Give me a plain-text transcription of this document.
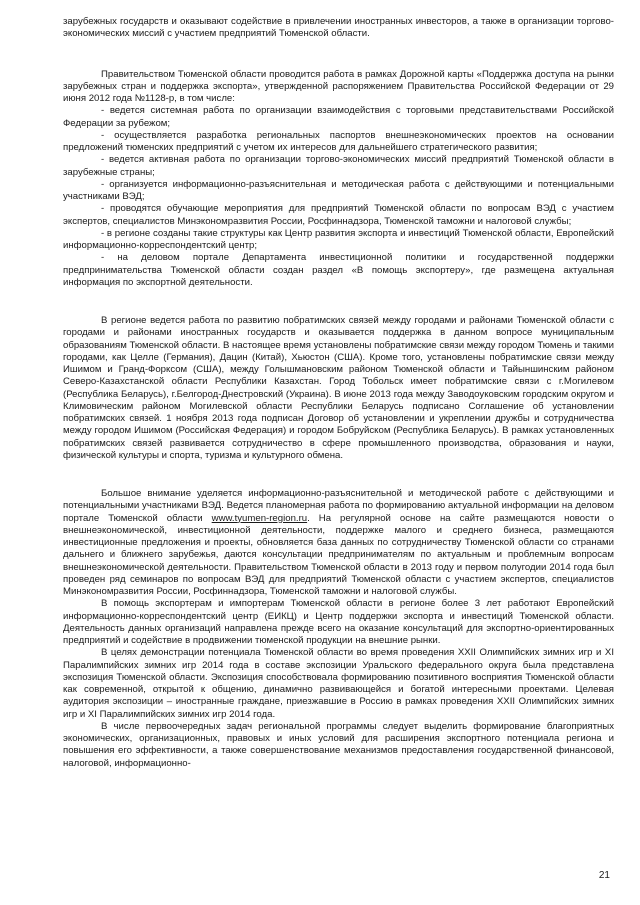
зарубежных государств и оказывают содействие в привлечении иностранных инвесторов, а также в организации торгово-экономических миссий с участием предприятий Тюменской области.

Правительством Тюменской области проводится работа в рамках Дорожной карты «Поддержка доступа на рынки зарубежных стран и поддержка экспорта», утвержденной распоряжением Правительства Российской Федерации от 29 июня 2012 года №1128-р, в том числе:

- ведется системная работа по организации взаимодействия с торговыми представительствами Российской Федерации за рубежом;

- осуществляется разработка региональных паспортов внешнеэкономических проектов на основании предложений тюменских предприятий с учетом их интересов для дальнейшего стратегического развития;

- ведется активная работа по организации торгово-экономических миссий предприятий Тюменской области в зарубежные страны;

- организуется информационно-разъяснительная и методическая работа с действующими и потенциальными участниками ВЭД;

- проводятся обучающие мероприятия для предприятий Тюменской области по вопросам ВЭД с участием экспертов, специалистов Минэкономразвития России, Росфиннадзора, Тюменской таможни и налоговой службы;

- в регионе созданы такие структуры как Центр развития экспорта и инвестиций Тюменской области, Европейский информационно-корреспондентский центр;

- на деловом портале Департамента инвестиционной политики и государственной поддержки предпринимательства Тюменской области создан раздел «В помощь экспортеру», где размещена актуальная информация по экспортной деятельности.

В регионе ведется работа по развитию побратимских связей между городами и районами Тюменской области с городами и районами иностранных государств и оказывается поддержка в данном вопросе муниципальным образованиям Тюменской области. В настоящее время установлены побратимские связи между городом Тюмень и такими городами, как Целле (Германия), Дацин (Китай), Хьюстон (США). Кроме того, установлены побратимские связи между Ишимом и Гранд-Форксом (США), между Голышмановским районом Тюменской области и Тайыншинским районом Северо-Казахстанской области Республики Казахстан. Город Тобольск имеет побратимские связи с г.Могилевом (Республика Беларусь), г.Белгород-Днестровский (Украина). В июне 2013 года между Заводоуковским городским округом и Климовическим районом Могилевской области Республики Беларусь подписано Соглашение об установлении побратимских связей. 1 ноября 2013 года подписан Договор об установлении и укреплении дружбы и сотрудничества между городом Ишимом (Российская Федерация) и городом Бобруйском (Республика Беларусь). В рамках установленных побратимских связей развивается сотрудничество в сфере промышленного производства, образования и науки, физической культуры и спорта, туризма и культурного обмена.

Большое внимание уделяется информационно-разъяснительной и методической работе с действующими и потенциальными участниками ВЭД. Ведется планомерная работа по формированию актуальной информации на деловом портале Тюменской области www.tyumen-region.ru. На регулярной основе на сайте размещаются новости о внешнеэкономической, инвестиционной деятельности, поддержке малого и среднего бизнеса, размещаются инвестиционные предложения и проекты, обновляется база данных по сотрудничеству Тюменской области со странами дальнего и ближнего зарубежья, даются консультации предпринимателям по актуальным и проблемным вопросам внешнеэкономической деятельности. Правительством Тюменской области в 2013 году и первом полугодии 2014 года был проведен ряд семинаров по вопросам ВЭД для предприятий Тюменской области с участием экспертов, специалистов Минэкономразвития России, Росфиннадзора, Тюменской таможни и налоговой службы.

В помощь экспортерам и импортерам Тюменской области в регионе более 3 лет работают Европейский информационно-корреспондентский центр (ЕИКЦ) и Центр поддержки экспорта и инвестиций Тюменской области. Деятельность данных организаций направлена прежде всего на оказание консультаций для экспортно-ориентированных предприятий и содействие в продвижении тюменской продукции на внешние рынки.

В целях демонстрации потенциала Тюменской области во время проведения XXII Олимпийских зимних игр и XI Паралимпийских зимних игр 2014 года в составе экспозиции Уральского федерального округа была представлена экспозиция Тюменской области. Экспозиция способствовала формированию позитивного восприятия Тюменской области как современной, открытой к общению, динамично развивающейся и богатой интересными проектами. Целевая аудитория экспозиции – иностранные граждане, приезжавшие в Россию в рамках проведения XXII Олимпийских зимних игр и XI Паралимпийских зимних игр 2014 года.

В числе первоочередных задач региональной программы следует выделить формирование благоприятных экономических, организационных, правовых и иных условий для расширения экспортного потенциала региона и повышения его эффективности, а также совершенствование механизмов предоставления государственной финансовой, налоговой, информационно-

21
